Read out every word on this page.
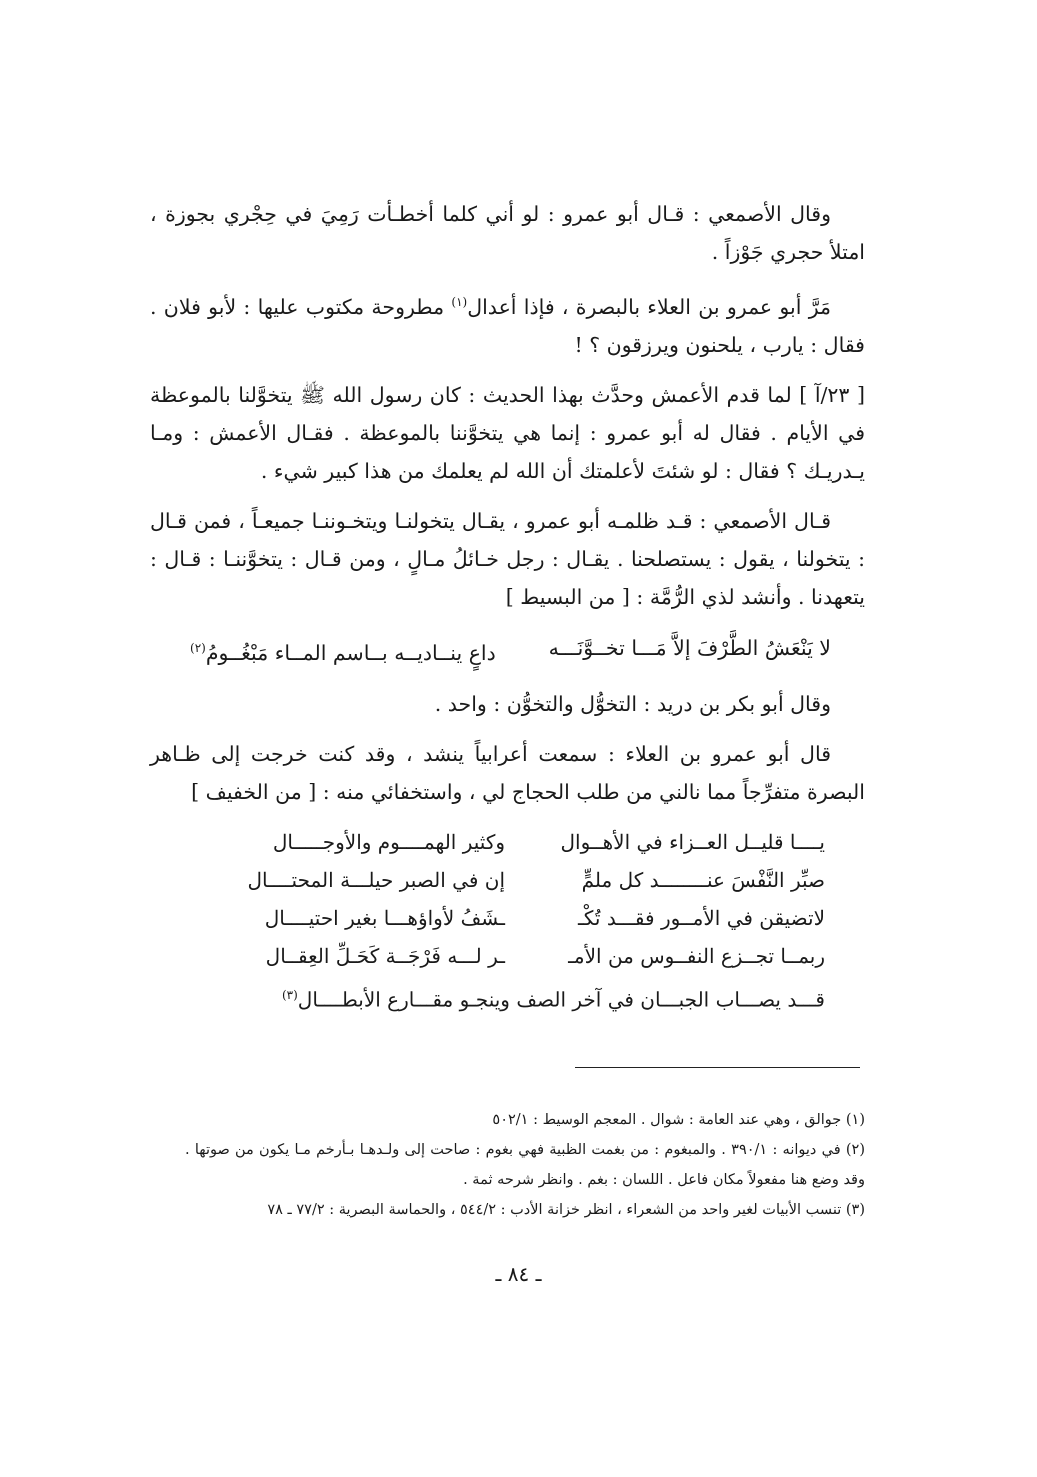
وقال الأصمعي : قـال أبو عمرو : لو أني كلما أخطـأت رَمِيَ في حِجْري بجوزة ، امتلأ حجري جَوْزاً .

مَرَّ أبو عمرو بن العلاء بالبصرة ، فإذا أعدال$^{(١)}$ مطروحة مكتوب عليها : لأبو فلان . فقال : يارب ، يلحنون ويرزقون ؟ !

[ ٢٣/آ ] لما قدم الأعمش وحدَّث بهذا الحديث : كان رسول الله ﷺ يتخوَّلنا بالموعظة في الأيام . فقال له أبو عمرو : إنما هي يتخوَّننا بالموعظة . فقـال الأعمش : ومـا يـدريـك ؟ فقال : لو شئتَ لأعلمتك أن الله لم يعلمك من هذا كبير شيء .

قـال الأصمعي : قـد ظلمـه أبو عمرو ، يقـال يتخولنـا ويتخـوننـا جميعـاً ، فمن قـال : يتخولنا ، يقول : يستصلحنا . يقـال : رجل خـائلُ مـالٍ ، ومن قـال : يتخوَّننـا : قـال : يتعهدنا . وأنشد لذي الرُّمَّة : [ من البسيط ]

لا يَنْعَشُ الطَّرْفَ إلاَّ مَـــا تخــوَّنَـــه
داعٍ ينــاديــه بــاسم المــاء مَبْغُــومُ$^{(٢)}$

وقال أبو بكر بن دريد : التخوُّل والتخوُّن : واحد .

قال أبو عمرو بن العلاء : سمعت أعرابياً ينشد ، وقد كنت خرجت إلى ظـاهر البصرة متفرِّجاً مما نالني من طلب الحجاج لي ، واستخفائي منه : [ من الخفيف ]

يــــا قليــل العــزاء في الأهــوال
وكثير الهمــــوم والأوجـــــال
صبِّر النَّفْسَ عنــــــــد كل ملمٍّ
إن في الصبر حيلـــة المحتــــال
لاتضيقن في الأمــور فقـــد تُكْـ
ـشَفُ لأواؤهـــا بغير احتيــــال
ربمــا تجــزع النفــوس من الأمـ
ـر لـــه فَرْجَــة كَحَـلِّ العِقــال
قـــد يصـــاب الجبـــان في آخر الصف وينجـو مقـــارع الأبطــــال$^{(٣)}$

(١) جوالق ، وهي عند العامة : شوال . المعجم الوسيط : ٥٠٢/١

(٢) في ديوانه : ٣٩٠/١ . والمبغوم : من بغمت الظبية فهي بغوم : صاحت إلى ولـدهـا بـأرخم مـا يكون من صوتها . وقد وضع هنا مفعولاً مكان فاعل . اللسان : بغم . وانظر شرحه ثمة .

(٣) تنسب الأبيات لغير واحد من الشعراء ، انظر خزانة الأدب : ٥٤٤/٢ ، والحماسة البصرية : ٧٧/٢ ـ ٧٨

ـ ٨٤ ـ
